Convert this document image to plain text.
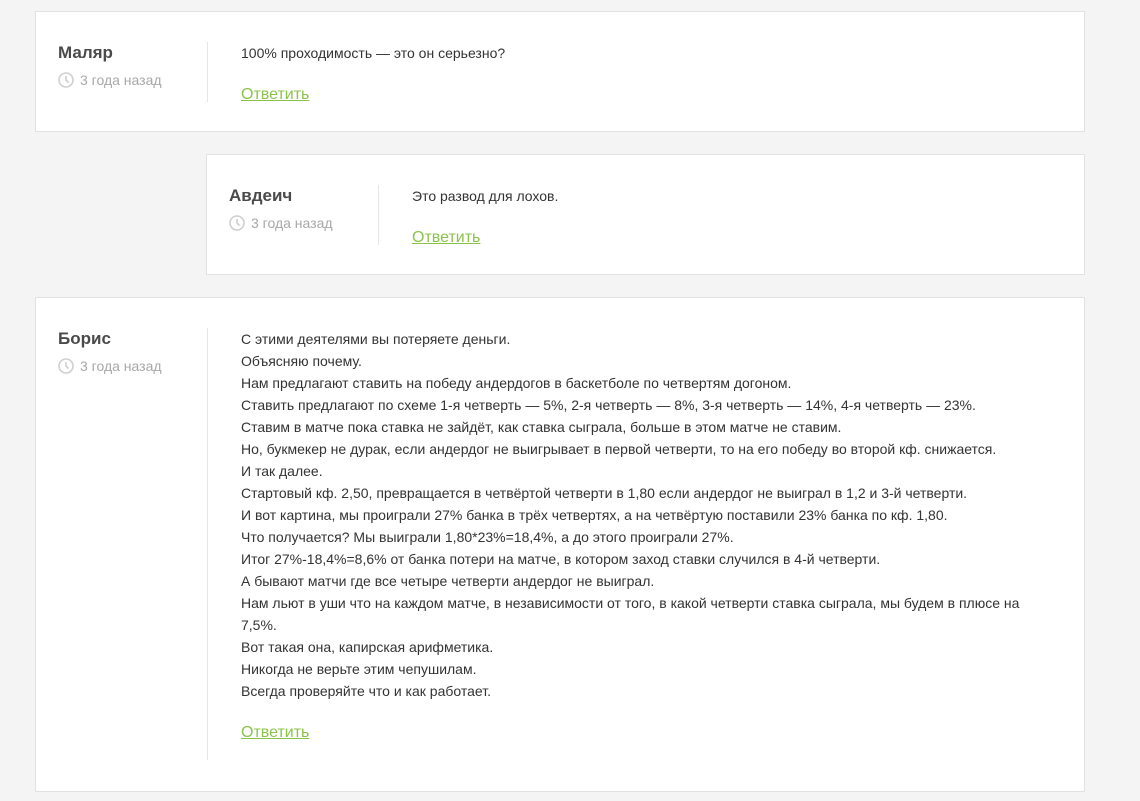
Маляр
3 года назад

100% проходимость — это он серьезно?

Ответить
Авдеич
3 года назад

Это развод для лохов.

Ответить
Борис
3 года назад

С этими деятелями вы потеряете деньги.

Объясняю почему.

Нам предлагают ставить на победу андердогов в баскетболе по четвертям догоном.

Ставить предлагают по схеме 1-я четверть — 5%, 2-я четверть — 8%, 3-я четверть — 14%, 4-я четверть — 23%.

Ставим в матче пока ставка не зайдёт, как ставка сыграла, больше в этом матче не ставим.

Но, букмекер не дурак, если андердог не выигрывает в первой четверти, то на его победу во второй кф. снижается.

И так далее.

Стартовый кф. 2,50, превращается в четвёртой четверти в 1,80 если андердог не выиграл в 1,2 и 3-й четверти.

И вот картина, мы проиграли 27% банка в трёх четвертях, а на четвёртую поставили 23% банка по кф. 1,80.

Что получается? Мы выиграли 1,80*23%=18,4%, а до этого проиграли 27%.

Итог 27%-18,4%=8,6% от банка потери на матче, в котором заход ставки случился в 4-й четверти.

А бывают матчи где все четыре четверти андердог не выиграл.

Нам льют в уши что на каждом матче, в независимости от того, в какой четверти ставка сыграла, мы будем в плюсе на 7,5%.

Вот такая она, капирская арифметика.

Никогда не верьте этим чепушилам.

Всегда проверяйте что и как работает.

Ответить
